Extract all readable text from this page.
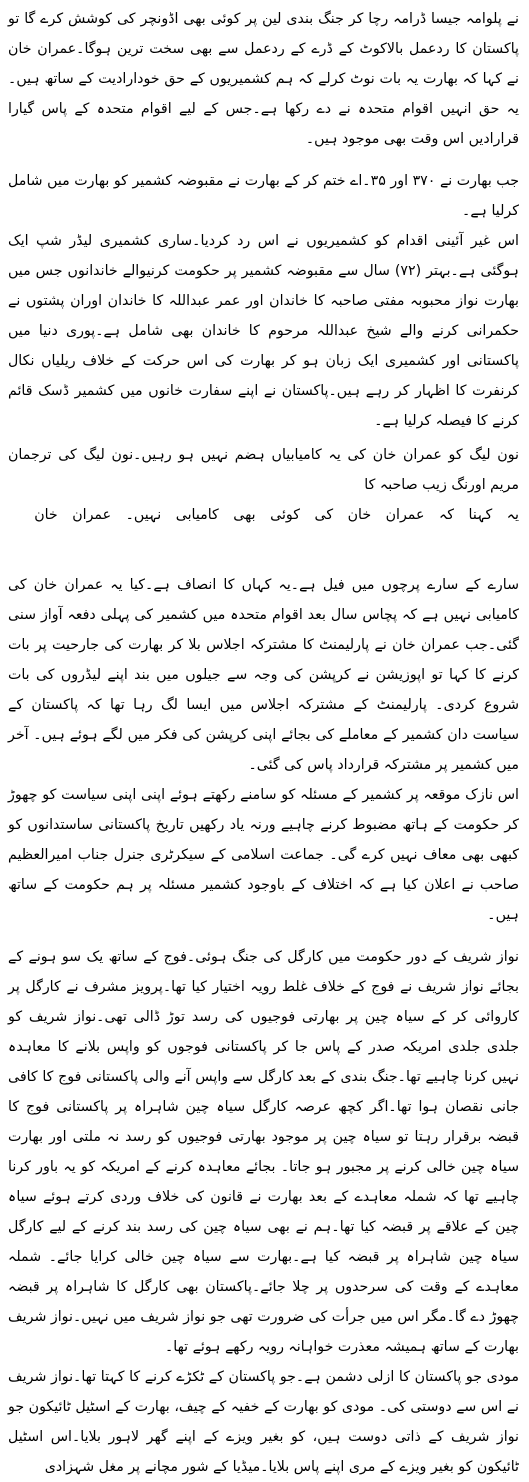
نے پلوامہ جیسا ڈرامہ رچا کر جنگ بندی لین پر کوئی بھی اڈونچر کی کوشش کرے گا تو پاکستان کا ردعمل بالاکوٹ کے ڈرے کے ردعمل سے بھی سخت ترین ہوگا۔عمران خان نے کہا کہ بھارت یہ بات نوٹ کرلے کہ ہم کشمیریوں کے حق خودارادیت کے ساتھ ہیں۔ یہ حق انہیں اقوام متحدہ نے دے رکھا ہے۔جس کے لیے اقوام متحدہ کے پاس گیارا قرارادیں اس وقت بھی موجود ہیں۔

جب بھارت نے ۳۷۰ اور ۳۵۔اے ختم کر کے بھارت نے مقبوضہ کشمیر کو بھارت میں شامل کرلیا ہے۔

اس غیر آئینی اقدام کو کشمیریوں نے اس رد کردیا۔ساری کشمیری لیڈر شپ ایک ہوگئی ہے۔بہتر (۷۲) سال سے مقبوضہ کشمیر پر حکومت کرنیوالے خاندانوں جس میں بھارت نواز محبوبہ مفتی صاحبہ کا خاندان اور عمر عبداللہ کا خاندان اوران پشتوں نے حکمرانی کرنے والے شیخ عبداللہ مرحوم کا خاندان بھی شامل ہے۔پوری دنیا میں پاکستانی اور کشمیری ایک زبان ہو کر بھارت کی اس حرکت کے خلاف ریلیاں نکال کرنفرت کا اظہار کر رہے ہیں۔پاکستان نے اپنے سفارت خانوں میں کشمیر ڈسک قائم کرنے کا فیصلہ کرلیا ہے۔

نون لیگ کو عمران خان کی یہ کامیابیاں ہضم نہیں ہو رہیں۔نون لیگ کی ترجمان مریم اورنگ زیب صاحبہ کا

یہ کہنا کہ عمران خان کی کوئی بھی کامیابی نہیں۔ عمران خان

سارے کے سارے پرچوں میں فیل ہے۔یہ کہاں کا انصاف ہے۔کیا یہ عمران خان کی کامیابی نہیں ہے کہ پچاس سال بعد اقوام متحدہ میں کشمیر کی پہلی دفعہ آواز سنی گئی۔جب عمران خان نے پارلیمنٹ کا مشترکہ اجلاس بلا کر بھارت کی جارحیت پر بات کرنے کا کہا تو اپوزیشن نے کرپشن کی وجہ سے جیلوں میں بند اپنے لیڈروں کی بات شروع کردی۔ پارلیمنٹ کے مشترکہ اجلاس میں ایسا لگ رہا تھا کہ پاکستان کے سیاست دان کشمیر کے معاملے کی بجائے اپنی کرپشن کی فکر میں لگے ہوئے ہیں۔ آخر میں کشمیر پر مشترکہ قرارداد پاس کی گئی۔

اس نازک موقعہ پر کشمیر کے مسئلہ کو سامنے رکھتے ہوئے اپنی اپنی سیاست کو چھوڑ کر حکومت کے ہاتھ مضبوط کرنے چاہیے ورنہ یاد رکھیں تاریخ پاکستانی ساستدانوں کو کبھی بھی معاف نہیں کرے گی۔ جماعت اسلامی کے سیکرٹری جنرل جناب امیرالعظیم صاحب نے اعلان کیا ہے کہ اختلاف کے باوجود کشمیر مسئلہ پر ہم حکومت کے ساتھ ہیں۔

نواز شریف کے دور حکومت میں کارگل کی جنگ ہوئی۔فوج کے ساتھ یک سو ہونے کے بجائے نواز شریف نے فوج کے خلاف غلط رویہ اختیار کیا تھا۔پرویز مشرف نے کارگل پر کاروائی کر کے سیاہ چین پر بھارتی فوجیوں کی رسد توڑ ڈالی تھی۔نواز شریف کو جلدی جلدی امریکہ صدر کے پاس جا کر پاکستانی فوجوں کو واپس بلانے کا معاہدہ نہیں کرنا چاہیے تھا۔جنگ بندی کے بعد کارگل سے واپس آنے والی پاکستانی فوج کا کافی جانی نقصان ہوا تھا۔اگر کچھ عرصہ کارگل سیاہ چین شاہراہ پر پاکستانی فوج کا قبضہ برقرار رہتا تو سیاہ چین پر موجود بھارتی فوجیوں کو رسد نہ ملتی اور بھارت سیاہ چین خالی کرنے پر مجبور ہو جاتا۔ بجائے معاہدہ کرنے کے امریکہ کو یہ باور کرنا چاہیے تھا کہ شملہ معاہدے کے بعد بھارت نے قانون کی خلاف وردی کرتے ہوئے سیاہ چین کے علاقے پر قبضہ کیا تھا۔ہم نے بھی سیاہ چین کی رسد بند کرنے کے لیے کارگل سیاہ چین شاہراہ پر قبضہ کیا ہے۔بھارت سے سیاہ چین خالی کرایا جائے۔ شملہ معاہدے کے وقت کی سرحدوں پر چلا جائے۔پاکستان بھی کارگل کا شاہراہ پر قبضہ چھوڑ دے گا۔مگر اس میں جرأت کی ضرورت تھی جو نواز شریف میں نہیں۔نواز شریف بھارت کے ساتھ ہمیشہ معذرت خواہانہ رویہ رکھے ہوئے تھا۔

مودی جو پاکستان کا ازلی دشمن ہے۔جو پاکستان کے ٹکڑے کرنے کا کہتا تھا۔نواز شریف نے اس سے دوستی کی۔ مودی کو بھارت کے خفیہ کے چیف، بھارت کے اسٹیل ٹائیکون جو نواز شریف کے ذاتی دوست ہیں، کو بغیر ویزے کے اپنے گھر لاہور بلایا۔اس اسٹیل ٹائیکون کو بغیر ویزے کے مری اپنے پاس بلایا۔میڈیا کے شور مچانے پر مغل شہزادی
